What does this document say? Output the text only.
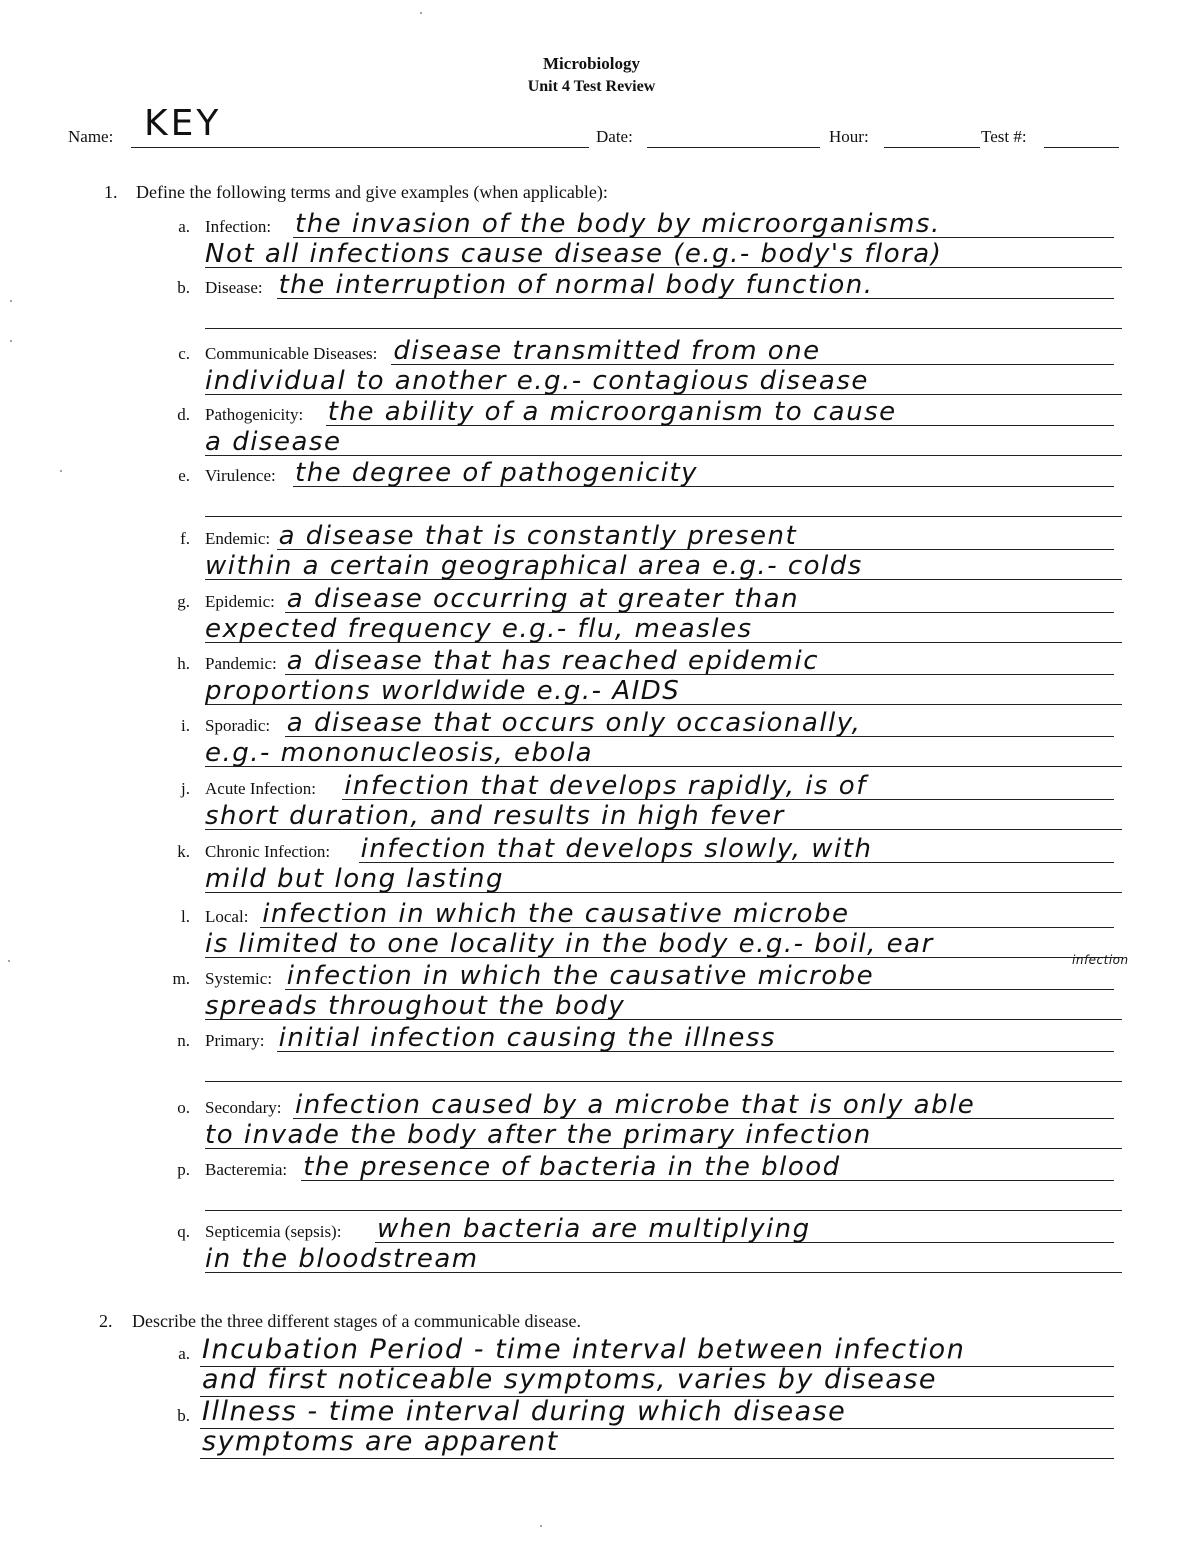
Microbiology
Unit 4 Test Review
Name: KEY	Date:	Hour:	Test #:
1. Define the following terms and give examples (when applicable):
a. Infection: the invasion of the body by microorganisms.
Not all infections cause disease (e.g.- body's flora)
b. Disease: the interruption of normal body function.
c. Communicable Diseases: disease transmitted from one
individual to another e.g.- contagious disease
d. Pathogenicity: the ability of a microorganism to cause
a disease
e. Virulence: the degree of pathogenicity
f. Endemic: a disease that is constantly present
within a certain geographical area e.g.- colds
g. Epidemic: a disease occurring at greater than
expected frequency e.g.- flu, measles
h. Pandemic: a disease that has reached epidemic
proportions worldwide e.g.- AIDS
i. Sporadic: a disease that occurs only occasionally,
e.g.- mononucleosis, ebola
j. Acute Infection: infection that develops rapidly, is of
short duration, and results in high fever
k. Chronic Infection: infection that develops slowly, with
mild but long lasting
l. Local: infection in which the causative microbe
is limited to one locality in the body e.g.- boil, ear
m. Systemic: infection in which the causative microbe
spreads throughout the body
n. Primary: initial infection causing the illness
o. Secondary: infection caused by a microbe that is only able
to invade the body after the primary infection
p. Bacteremia: the presence of bacteria in the blood
q. Septicemia (sepsis): when bacteria are multiplying
in the bloodstream
infection
2. Describe the three different stages of a communicable disease.
a. Incubation Period - time interval between infection
and first noticeable symptoms, varies by disease
b. Illness - time interval during which disease
symptoms are apparent
